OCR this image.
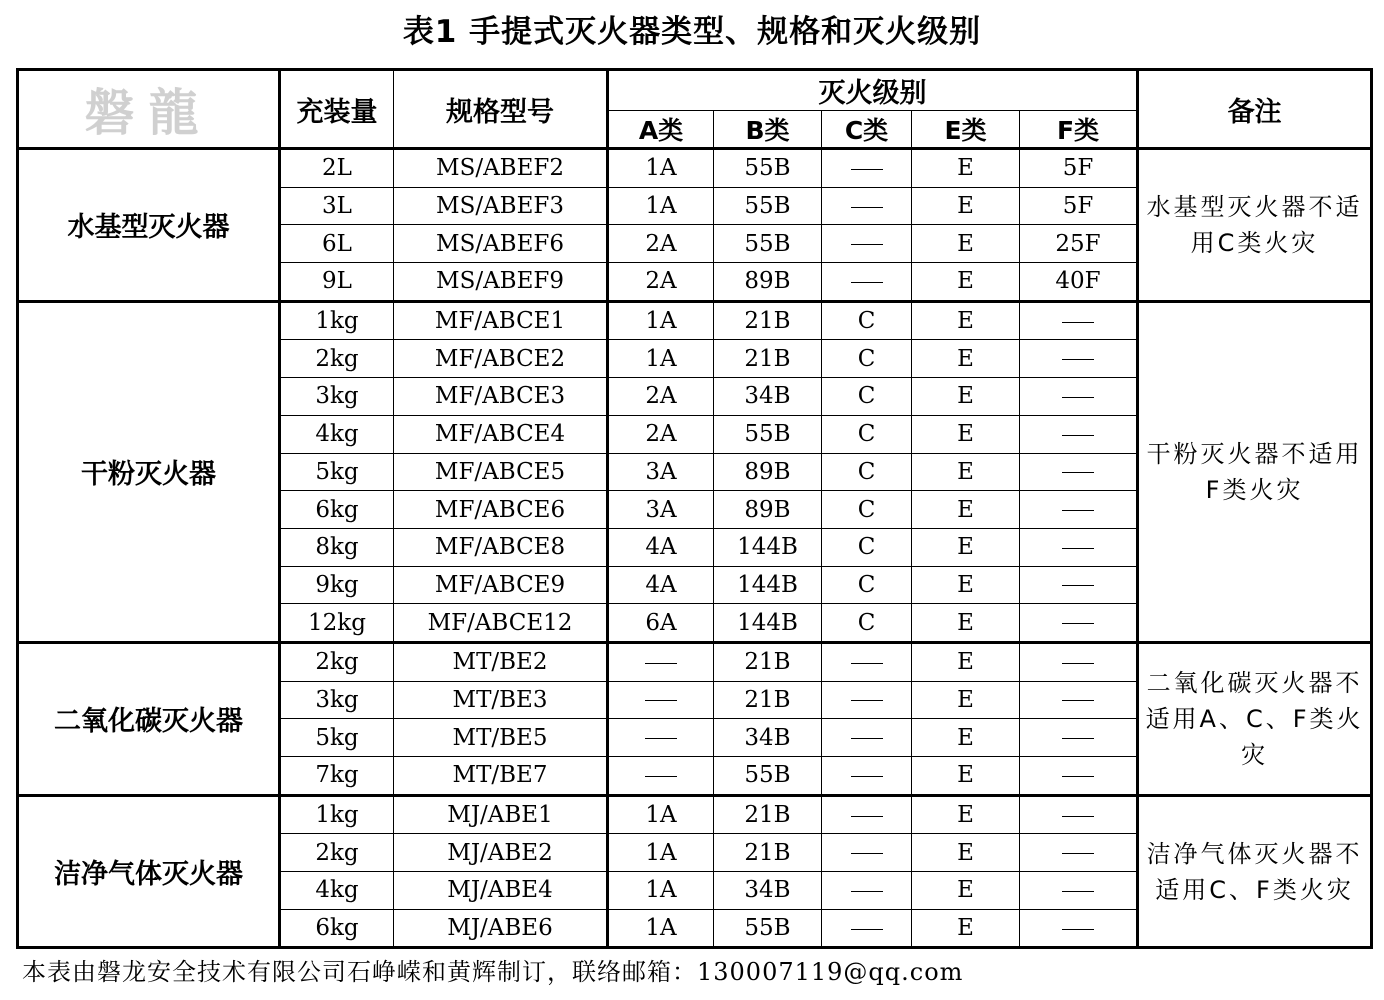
表1 手提式灭火器类型、规格和灭火级别
磐龍	充装量	规格型号	灭火级别					备注
			A类	B类	C类	E类	F类	
水基型灭火器	2L	MS/ABEF2	1A	55B		E	5F	水基型灭火器不适用C类火灾
	3L	MS/ABEF3	1A	55B		E	5F	
	6L	MS/ABEF6	2A	55B		E	25F	
	9L	MS/ABEF9	2A	89B		E	40F	
干粉灭火器	1kg	MF/ABCE1	1A	21B	C	E		干粉灭火器不适用F类火灾
	2kg	MF/ABCE2	1A	21B	C	E		
	3kg	MF/ABCE3	2A	34B	C	E		
	4kg	MF/ABCE4	2A	55B	C	E		
	5kg	MF/ABCE5	3A	89B	C	E		
	6kg	MF/ABCE6	3A	89B	C	E		
	8kg	MF/ABCE8	4A	144B	C	E		
	9kg	MF/ABCE9	4A	144B	C	E		
	12kg	MF/ABCE12	6A	144B	C	E		
二氧化碳灭火器	2kg	MT/BE2		21B		E		二氧化碳灭火器不适用A、C、F类火灾
	3kg	MT/BE3		21B		E		
	5kg	MT/BE5		34B		E		
	7kg	MT/BE7		55B		E		
洁净气体灭火器	1kg	MJ/ABE1	1A	21B		E		洁净气体灭火器不适用C、F类火灾
	2kg	MJ/ABE2	1A	21B		E		
	4kg	MJ/ABE4	1A	34B		E		
	6kg	MJ/ABE6	1A	55B		E		
本表由磐龙安全技术有限公司石峥嵘和黄辉制订，联络邮箱：130007119@qq.com
